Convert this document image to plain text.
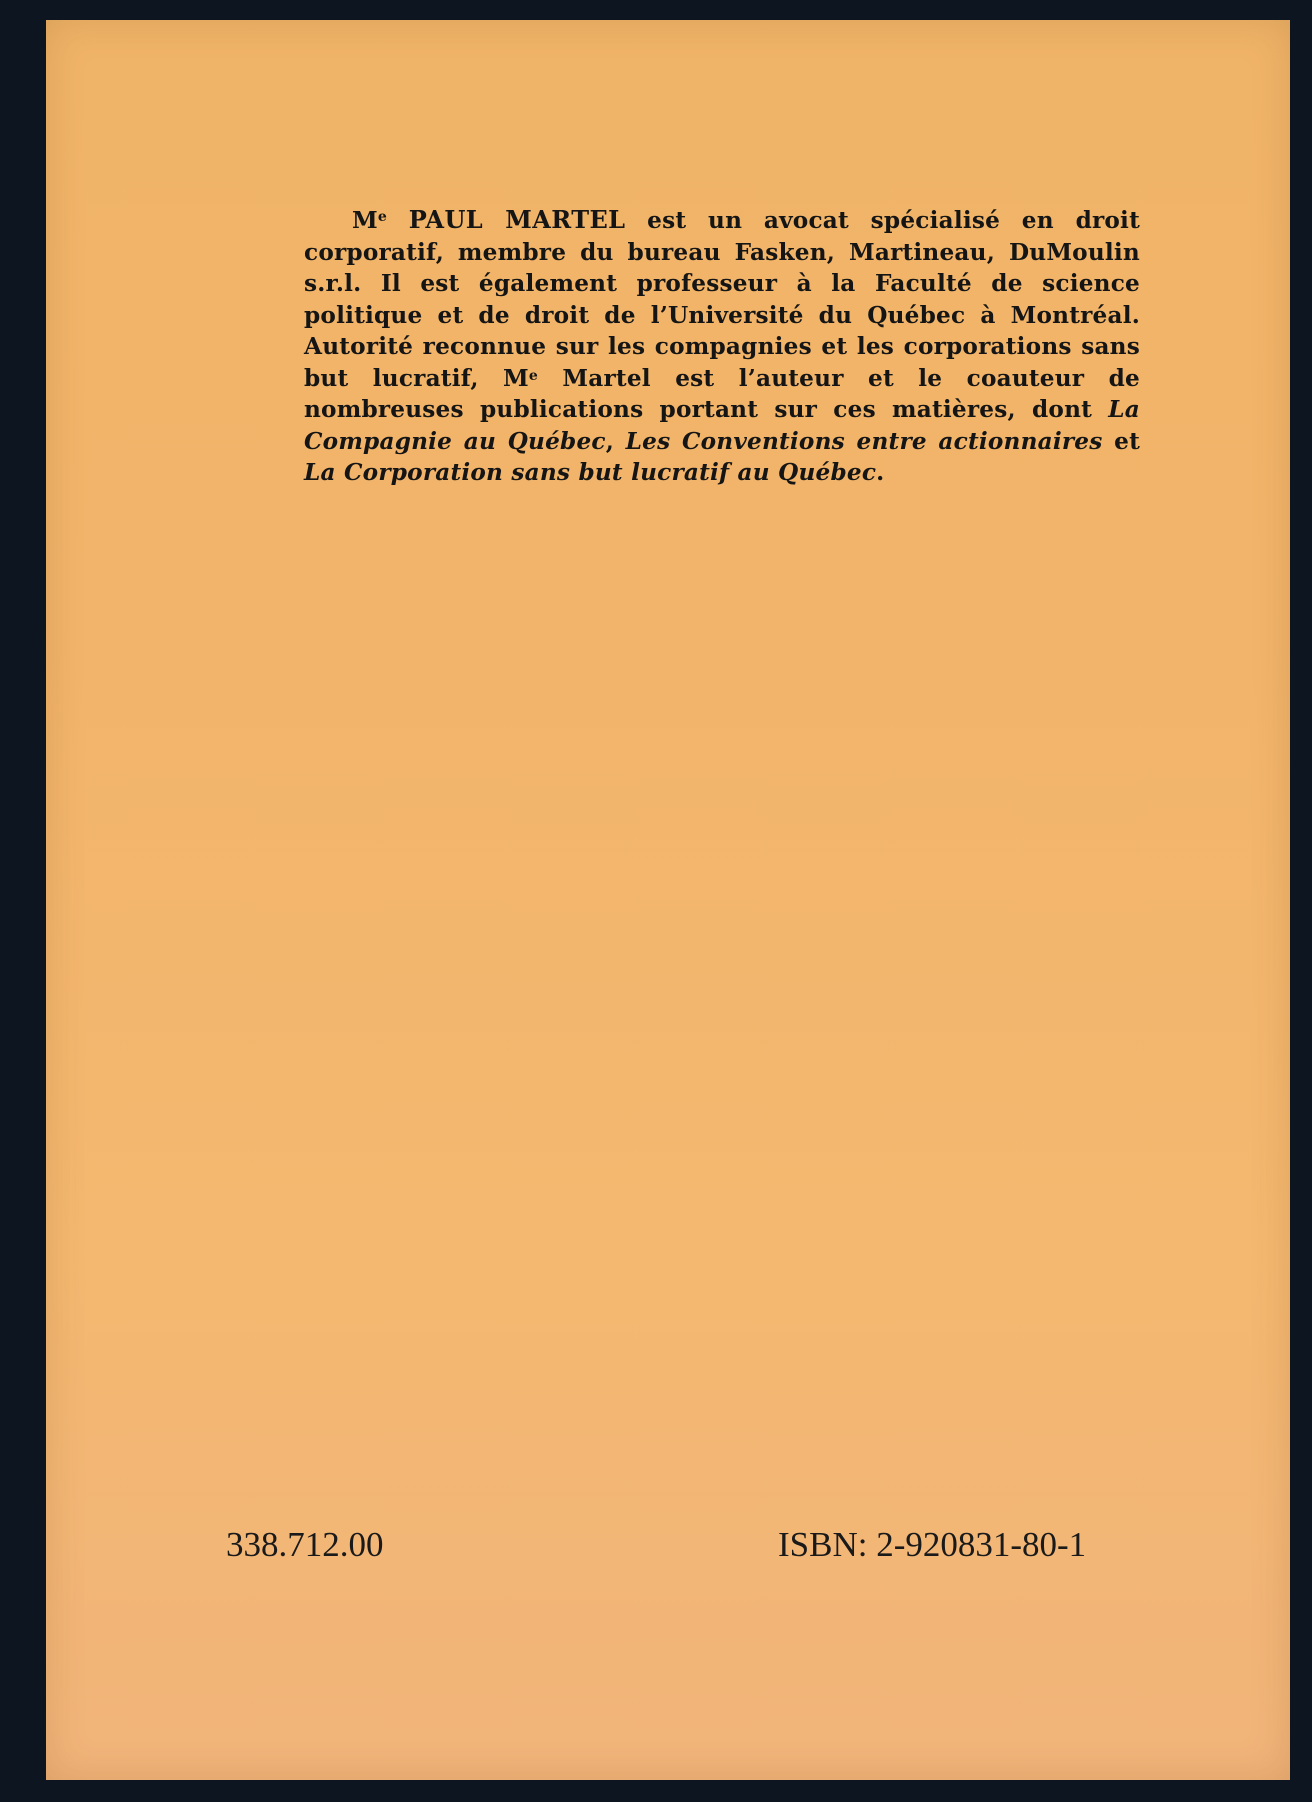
Me PAUL MARTEL est un avocat spécialisé en droit corporatif, membre du bureau Fasken, Martineau, DuMoulin s.r.l. Il est également professeur à la Faculté de science politique et de droit de l’Université du Québec à Montréal. Autorité reconnue sur les compagnies et les corporations sans but lucratif, Me Martel est l’auteur et le coauteur de nombreuses publications portant sur ces matières, dont La Compagnie au Québec, Les Conventions entre actionnaires et La Corporation sans but lucratif au Québec.

338.712.00	ISBN: 2-920831-80-1
